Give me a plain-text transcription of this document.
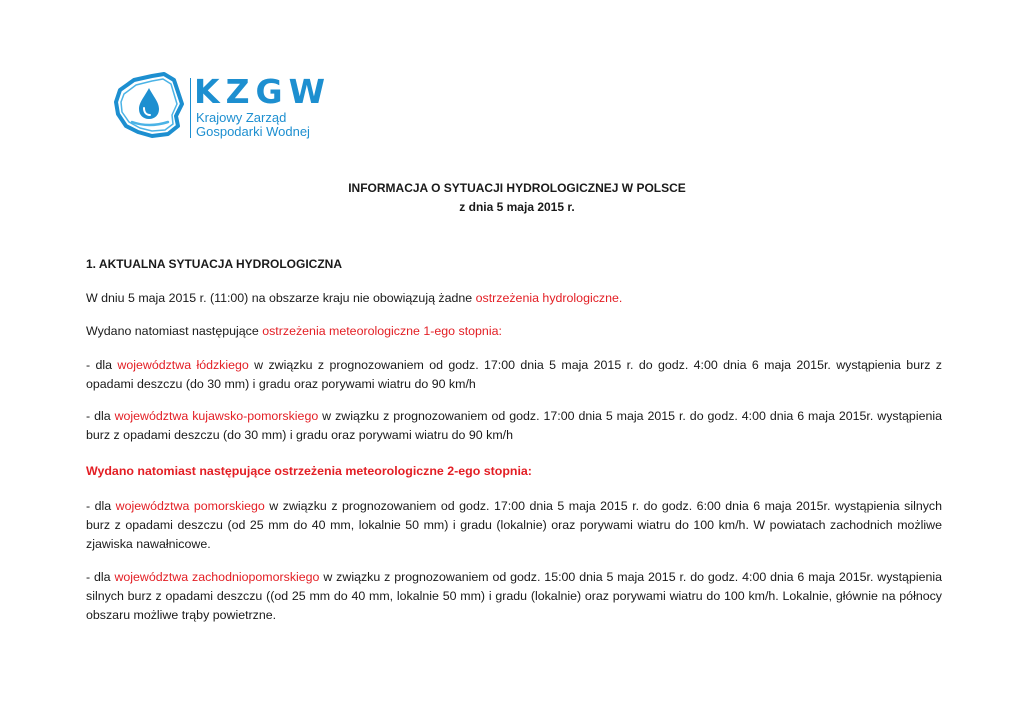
KZGW
Krajowy Zarząd
Gospodarki Wodnej
INFORMACJA O SYTUACJI HYDROLOGICZNEJ W POLSCE
z dnia 5 maja 2015 r.
1. AKTUALNA SYTUACJA HYDROLOGICZNA
W dniu 5 maja 2015 r. (11:00) na obszarze kraju nie obowiązują żadne ostrzeżenia hydrologiczne.
Wydano natomiast następujące ostrzeżenia meteorologiczne 1-ego stopnia:
- dla województwa łódzkiego w związku z prognozowaniem od godz. 17:00 dnia 5 maja 2015 r. do godz. 4:00 dnia 6 maja 2015r. wystąpienia burz z opadami deszczu (do 30 mm) i gradu oraz porywami wiatru do 90 km/h
- dla województwa kujawsko-pomorskiego w związku z prognozowaniem od godz. 17:00 dnia 5 maja 2015 r. do godz. 4:00 dnia 6 maja 2015r. wystąpienia burz z opadami deszczu (do 30 mm) i gradu oraz porywami wiatru do 90 km/h
Wydano natomiast następujące ostrzeżenia meteorologiczne 2-ego stopnia:
- dla województwa pomorskiego w związku z prognozowaniem od godz. 17:00 dnia 5 maja 2015 r. do godz. 6:00 dnia 6 maja 2015r. wystąpienia silnych burz z opadami deszczu (od 25 mm do 40 mm, lokalnie 50 mm) i gradu (lokalnie) oraz porywami wiatru do 100 km/h. W powiatach zachodnich możliwe zjawiska nawałnicowe.
- dla województwa zachodniopomorskiego w związku z prognozowaniem od godz. 15:00 dnia 5 maja 2015 r. do godz. 4:00 dnia 6 maja 2015r. wystąpienia silnych burz z opadami deszczu ((od 25 mm do 40 mm, lokalnie 50 mm) i gradu (lokalnie) oraz porywami wiatru do 100 km/h. Lokalnie, głównie na północy obszaru możliwe trąby powietrzne.
